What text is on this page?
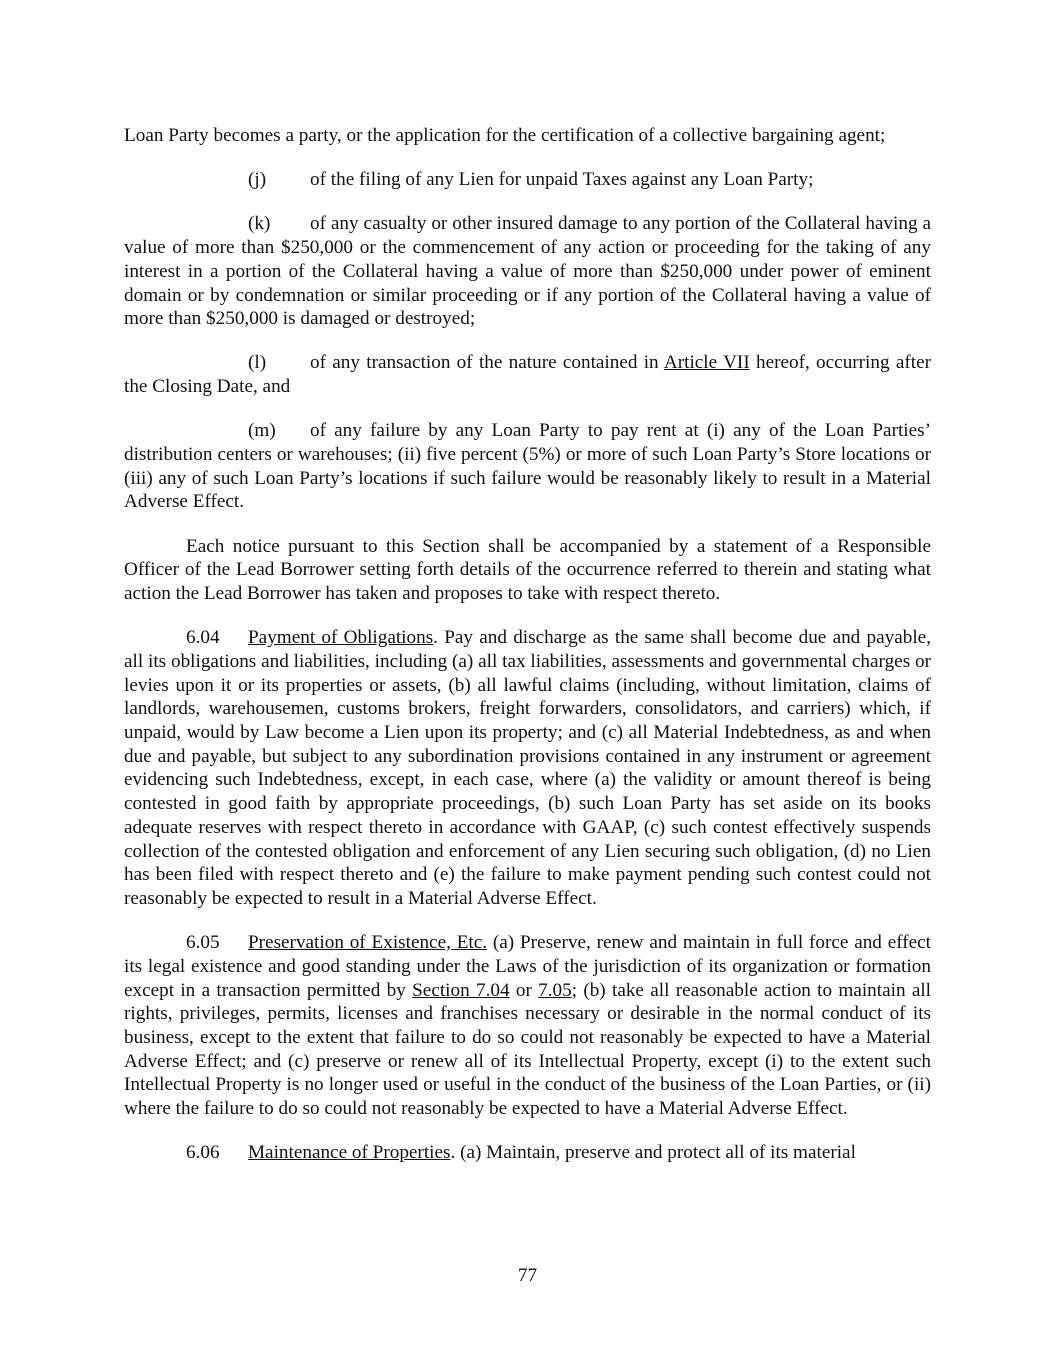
Loan Party becomes a party, or the application for the certification of a collective bargaining agent;

(j) of the filing of any Lien for unpaid Taxes against any Loan Party;

(k) of any casualty or other insured damage to any portion of the Collateral having a value of more than $250,000 or the commencement of any action or proceeding for the taking of any interest in a portion of the Collateral having a value of more than $250,000 under power of eminent domain or by condemnation or similar proceeding or if any portion of the Collateral having a value of more than $250,000 is damaged or destroyed;

(l) of any transaction of the nature contained in Article VII hereof, occurring after the Closing Date, and

(m) of any failure by any Loan Party to pay rent at (i) any of the Loan Parties’ distribution centers or warehouses; (ii) five percent (5%) or more of such Loan Party’s Store locations or (iii) any of such Loan Party’s locations if such failure would be reasonably likely to result in a Material Adverse Effect.

Each notice pursuant to this Section shall be accompanied by a statement of a Responsible Officer of the Lead Borrower setting forth details of the occurrence referred to therein and stating what action the Lead Borrower has taken and proposes to take with respect thereto.

6.04 Payment of Obligations. Pay and discharge as the same shall become due and payable, all its obligations and liabilities, including (a) all tax liabilities, assessments and governmental charges or levies upon it or its properties or assets, (b) all lawful claims (including, without limitation, claims of landlords, warehousemen, customs brokers, freight forwarders, consolidators, and carriers) which, if unpaid, would by Law become a Lien upon its property; and (c) all Material Indebtedness, as and when due and payable, but subject to any subordination provisions contained in any instrument or agreement evidencing such Indebtedness, except, in each case, where (a) the validity or amount thereof is being contested in good faith by appropriate proceedings, (b) such Loan Party has set aside on its books adequate reserves with respect thereto in accordance with GAAP, (c) such contest effectively suspends collection of the contested obligation and enforcement of any Lien securing such obligation, (d) no Lien has been filed with respect thereto and (e) the failure to make payment pending such contest could not reasonably be expected to result in a Material Adverse Effect.

6.05 Preservation of Existence, Etc. (a) Preserve, renew and maintain in full force and effect its legal existence and good standing under the Laws of the jurisdiction of its organization or formation except in a transaction permitted by Section 7.04 or 7.05; (b) take all reasonable action to maintain all rights, privileges, permits, licenses and franchises necessary or desirable in the normal conduct of its business, except to the extent that failure to do so could not reasonably be expected to have a Material Adverse Effect; and (c) preserve or renew all of its Intellectual Property, except (i) to the extent such Intellectual Property is no longer used or useful in the conduct of the business of the Loan Parties, or (ii) where the failure to do so could not reasonably be expected to have a Material Adverse Effect.

6.06 Maintenance of Properties. (a) Maintain, preserve and protect all of its material

77
